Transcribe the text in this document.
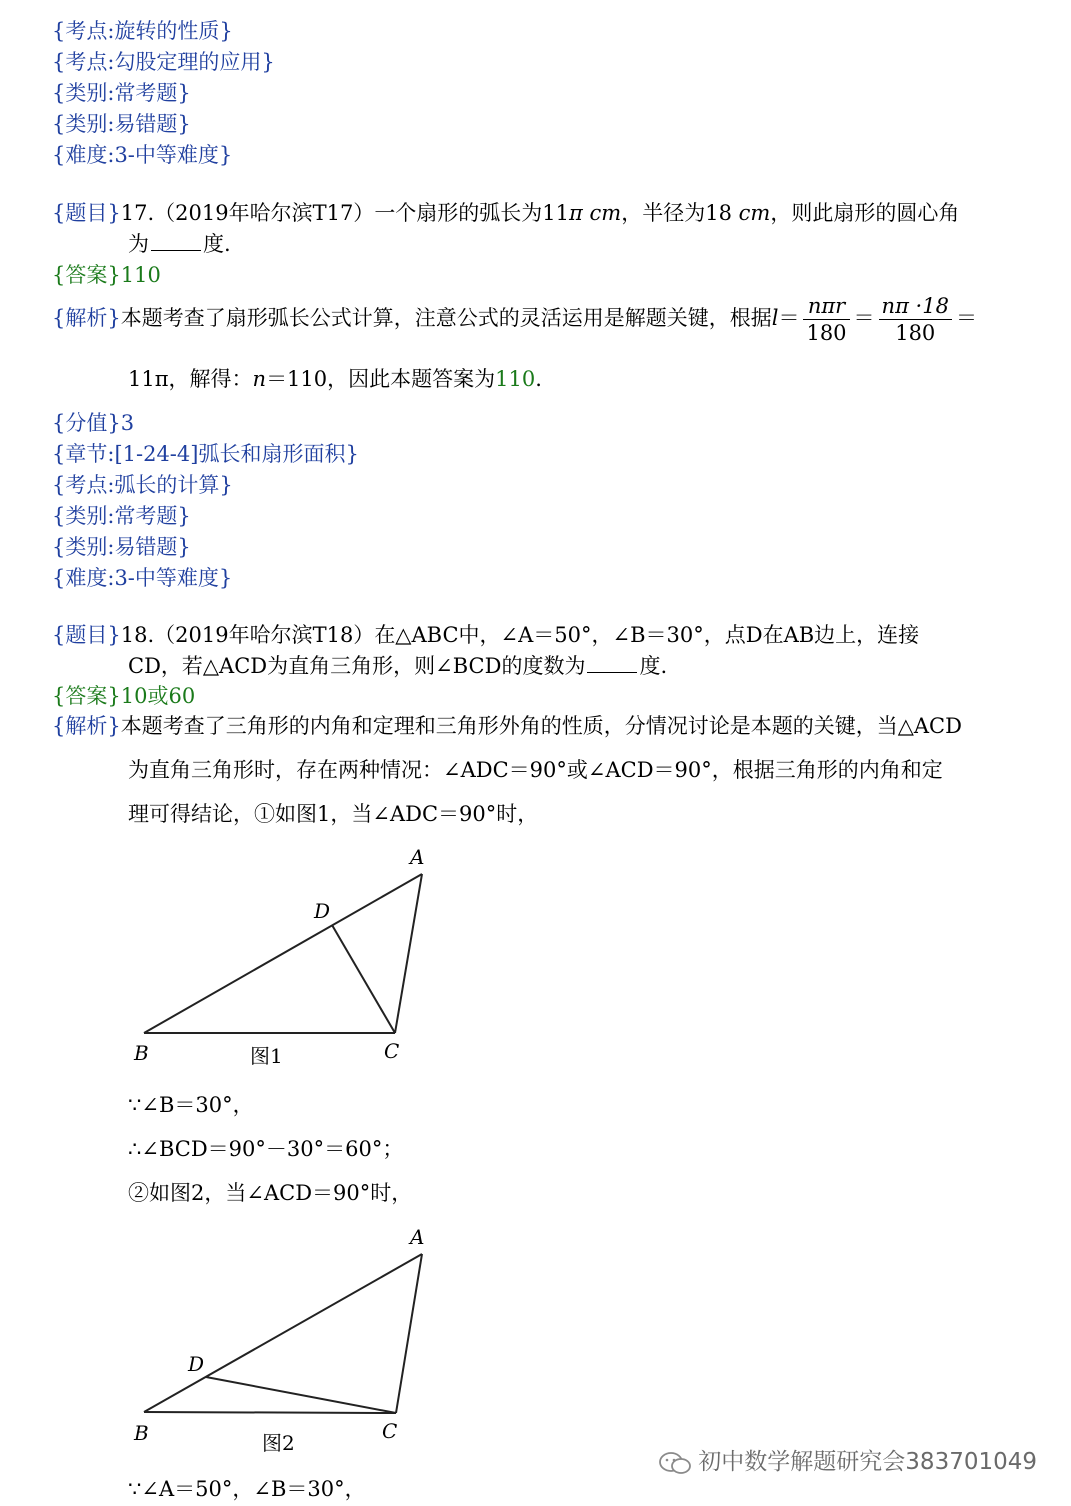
{考点:旋转的性质}
{考点:勾股定理的应用}
{类别:常考题}
{类别:易错题}
{难度:3-中等难度}
{题目}17.（2019年哈尔滨T17）一个扇形的弧长为11π cm，半径为18 cm，则此扇形的圆心角
为	度.
{答案}110
{解析}本题考查了扇形弧长公式计算，注意公式的灵活运用是解题关键，根据$l= \frac{\text{nπr}}{180} = \frac{n\pi \cdot 18}{180}$ ＝
11π，解得：n＝110，因此本题答案为110.
{分值}3
{章节:[1-24-4]弧长和扇形面积}
{考点:弧长的计算}
{类别:常考题}
{类别:易错题}
{难度:3-中等难度}
{题目}18.（2019年哈尔滨T18）在△ABC中，∠A＝50°，∠B＝30°，点D在AB边上，连接
CD，若△ACD为直角三角形，则∠BCD的度数为	度.
{答案}10或60
{解析}本题考查了三角形的内角和定理和三角形外角的性质，分情况讨论是本题的关键，当△ACD
为直角三角形时，存在两种情况：∠ADC＝90°或∠ACD＝90°，根据三角形的内角和定
理可得结论，①如图1，当∠ADC＝90°时，
A
D
B	C
图1
∵∠B＝30°，
∴∠BCD＝90°－30°＝60°；
②如图2，当∠ACD＝90°时，
A
D
B	C
图2
∵∠A＝50°，∠B＝30°，
初中数学解题研究会383701049
